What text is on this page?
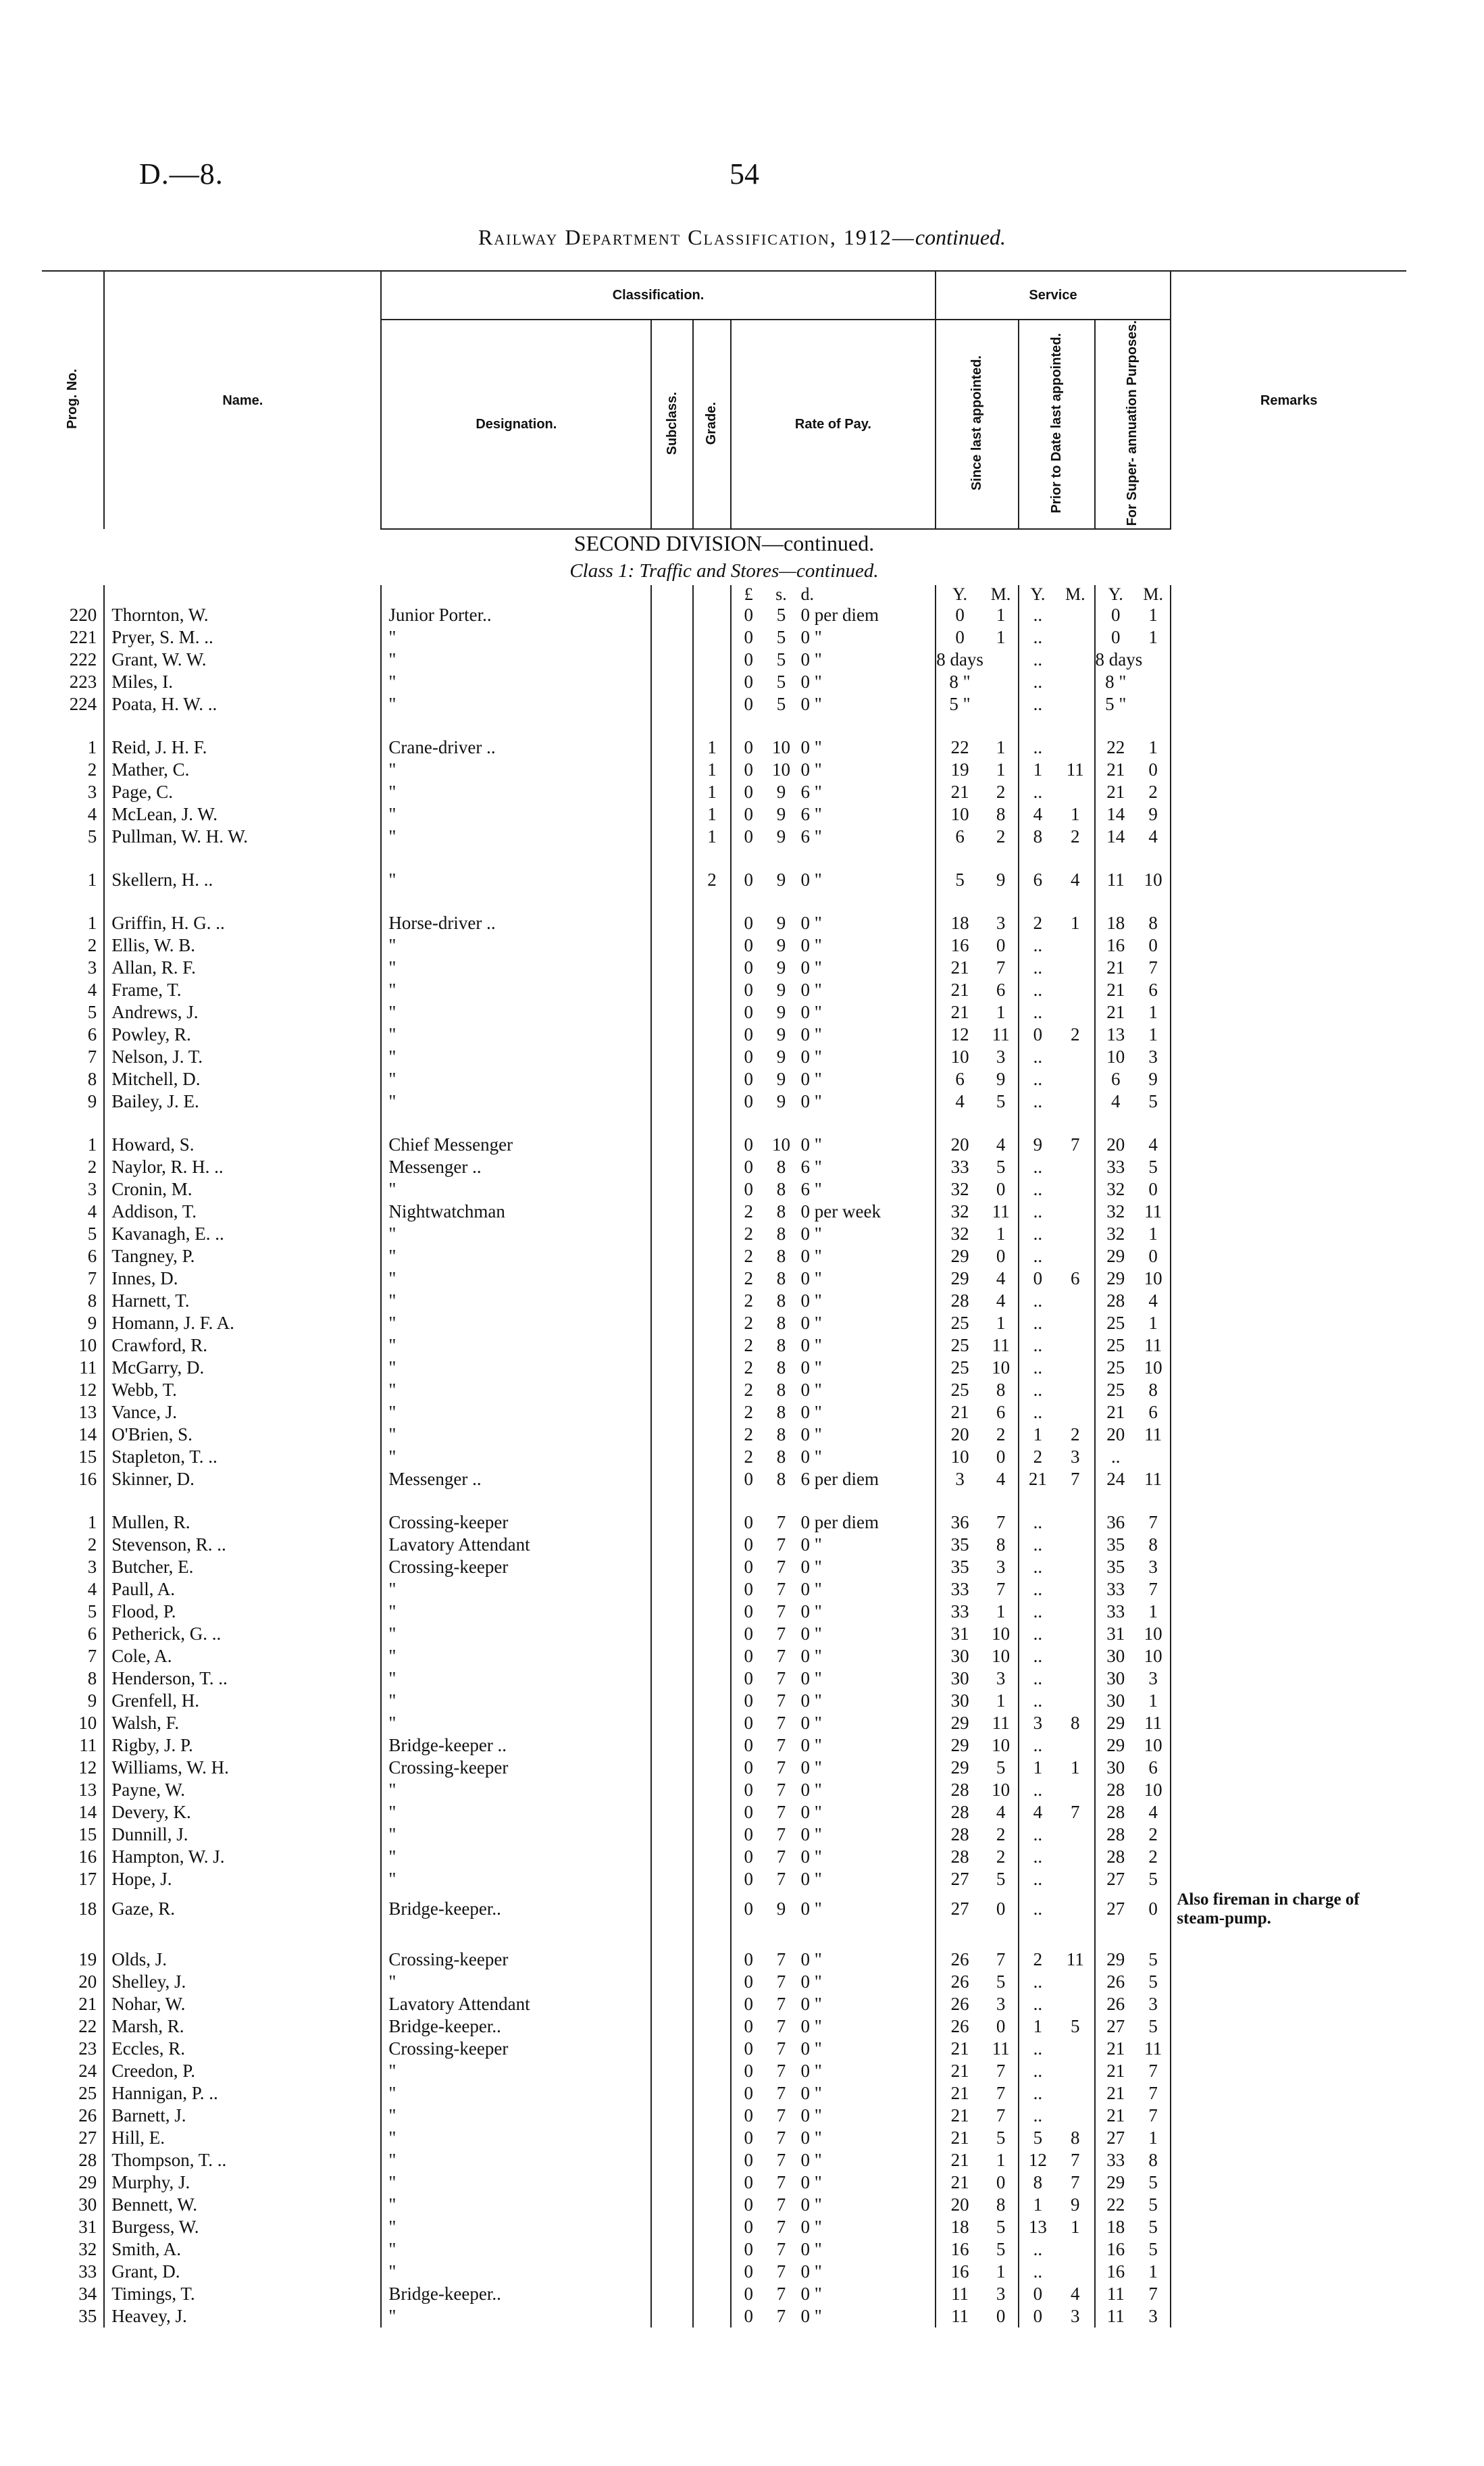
D.—8.	54
Railway Department Classification, 1912—continued.
Prog. No.	Name.	Classification.						Service						Remarks
		Designation.	Subclass.	Grade.	Rate of Pay.			Since last appointed.		Prior to Date last appointed.		For Super- annuation Purposes.		
SECOND DIVISION—continued.														
Class 1: Traffic and Stores—continued.														
					£	s.	d.	Y.	M.	Y.	M.	Y.	M.	
220	Thornton, W.	Junior Porter..			0	5	0 per diem	0	1	..		0	1	
221	Pryer, S. M. ..	"			0	5	0 "	0	1	..		0	1	
222	Grant, W. W.	"			0	5	0 "	8 days		..		8 days		
223	Miles, I.	"			0	5	0 "	8 "		..		8 "		
224	Poata, H. W. ..	"			0	5	0 "	5 "		..		5 "		

1	Reid, J. H. F.	Crane-driver ..		1	0	10	0 "	22	1	..		22	1	
2	Mather, C.	"		1	0	10	0 "	19	1	1	11	21	0	
3	Page, C.	"		1	0	9	6 "	21	2	..		21	2	
4	McLean, J. W.	"		1	0	9	6 "	10	8	4	1	14	9	
5	Pullman, W. H. W.	"		1	0	9	6 "	6	2	8	2	14	4	

1	Skellern, H. ..	"		2	0	9	0 "	5	9	6	4	11	10	

1	Griffin, H. G. ..	Horse-driver ..			0	9	0 "	18	3	2	1	18	8	
2	Ellis, W. B.	"			0	9	0 "	16	0	..		16	0	
3	Allan, R. F.	"			0	9	0 "	21	7	..		21	7	
4	Frame, T.	"			0	9	0 "	21	6	..		21	6	
5	Andrews, J.	"			0	9	0 "	21	1	..		21	1	
6	Powley, R.	"			0	9	0 "	12	11	0	2	13	1	
7	Nelson, J. T.	"			0	9	0 "	10	3	..		10	3	
8	Mitchell, D.	"			0	9	0 "	6	9	..		6	9	
9	Bailey, J. E.	"			0	9	0 "	4	5	..		4	5	

1	Howard, S.	Chief Messenger			0	10	0 "	20	4	9	7	20	4	
2	Naylor, R. H. ..	Messenger ..			0	8	6 "	33	5	..		33	5	
3	Cronin, M.	"			0	8	6 "	32	0	..		32	0	
4	Addison, T.	Nightwatchman			2	8	0 per week	32	11	..		32	11	
5	Kavanagh, E. ..	"			2	8	0 "	32	1	..		32	1	
6	Tangney, P.	"			2	8	0 "	29	0	..		29	0	
7	Innes, D.	"			2	8	0 "	29	4	0	6	29	10	
8	Harnett, T.	"			2	8	0 "	28	4	..		28	4	
9	Homann, J. F. A.	"			2	8	0 "	25	1	..		25	1	
10	Crawford, R.	"			2	8	0 "	25	11	..		25	11	
11	McGarry, D.	"			2	8	0 "	25	10	..		25	10	
12	Webb, T.	"			2	8	0 "	25	8	..		25	8	
13	Vance, J.	"			2	8	0 "	21	6	..		21	6	
14	O'Brien, S.	"			2	8	0 "	20	2	1	2	20	11	
15	Stapleton, T. ..	"			2	8	0 "	10	0	2	3	..		
16	Skinner, D.	Messenger ..			0	8	6 per diem	3	4	21	7	24	11	

1	Mullen, R.	Crossing-keeper			0	7	0 per diem	36	7	..		36	7	
2	Stevenson, R. ..	Lavatory Attendant			0	7	0 "	35	8	..		35	8	
3	Butcher, E.	Crossing-keeper			0	7	0 "	35	3	..		35	3	
4	Paull, A.	"			0	7	0 "	33	7	..		33	7	
5	Flood, P.	"			0	7	0 "	33	1	..		33	1	
6	Petherick, G. ..	"			0	7	0 "	31	10	..		31	10	
7	Cole, A.	"			0	7	0 "	30	10	..		30	10	
8	Henderson, T. ..	"			0	7	0 "	30	3	..		30	3	
9	Grenfell, H.	"			0	7	0 "	30	1	..		30	1	
10	Walsh, F.	"			0	7	0 "	29	11	3	8	29	11	
11	Rigby, J. P.	Bridge-keeper ..			0	7	0 "	29	10	..		29	10	
12	Williams, W. H.	Crossing-keeper			0	7	0 "	29	5	1	1	30	6	
13	Payne, W.	"			0	7	0 "	28	10	..		28	10	
14	Devery, K.	"			0	7	0 "	28	4	4	7	28	4	
15	Dunnill, J.	"			0	7	0 "	28	2	..		28	2	
16	Hampton, W. J.	"			0	7	0 "	28	2	..		28	2	
17	Hope, J.	"			0	7	0 "	27	5	..		27	5	
18	Gaze, R.	Bridge-keeper..			0	9	0 "	27	0	..		27	0	Also fireman in charge of steam-pump.

19	Olds, J.	Crossing-keeper			0	7	0 "	26	7	2	11	29	5	
20	Shelley, J.	"			0	7	0 "	26	5	..		26	5	
21	Nohar, W.	Lavatory Attendant			0	7	0 "	26	3	..		26	3	
22	Marsh, R.	Bridge-keeper..			0	7	0 "	26	0	1	5	27	5	
23	Eccles, R.	Crossing-keeper			0	7	0 "	21	11	..		21	11	
24	Creedon, P.	"			0	7	0 "	21	7	..		21	7	
25	Hannigan, P. ..	"			0	7	0 "	21	7	..		21	7	
26	Barnett, J.	"			0	7	0 "	21	7	..		21	7	
27	Hill, E.	"			0	7	0 "	21	5	5	8	27	1	
28	Thompson, T. ..	"			0	7	0 "	21	1	12	7	33	8	
29	Murphy, J.	"			0	7	0 "	21	0	8	7	29	5	
30	Bennett, W.	"			0	7	0 "	20	8	1	9	22	5	
31	Burgess, W.	"			0	7	0 "	18	5	13	1	18	5	
32	Smith, A.	"			0	7	0 "	16	5	..		16	5	
33	Grant, D.	"			0	7	0 "	16	1	..		16	1	
34	Timings, T.	Bridge-keeper..			0	7	0 "	11	3	0	4	11	7	
35	Heavey, J.	"			0	7	0 "	11	0	0	3	11	3	
